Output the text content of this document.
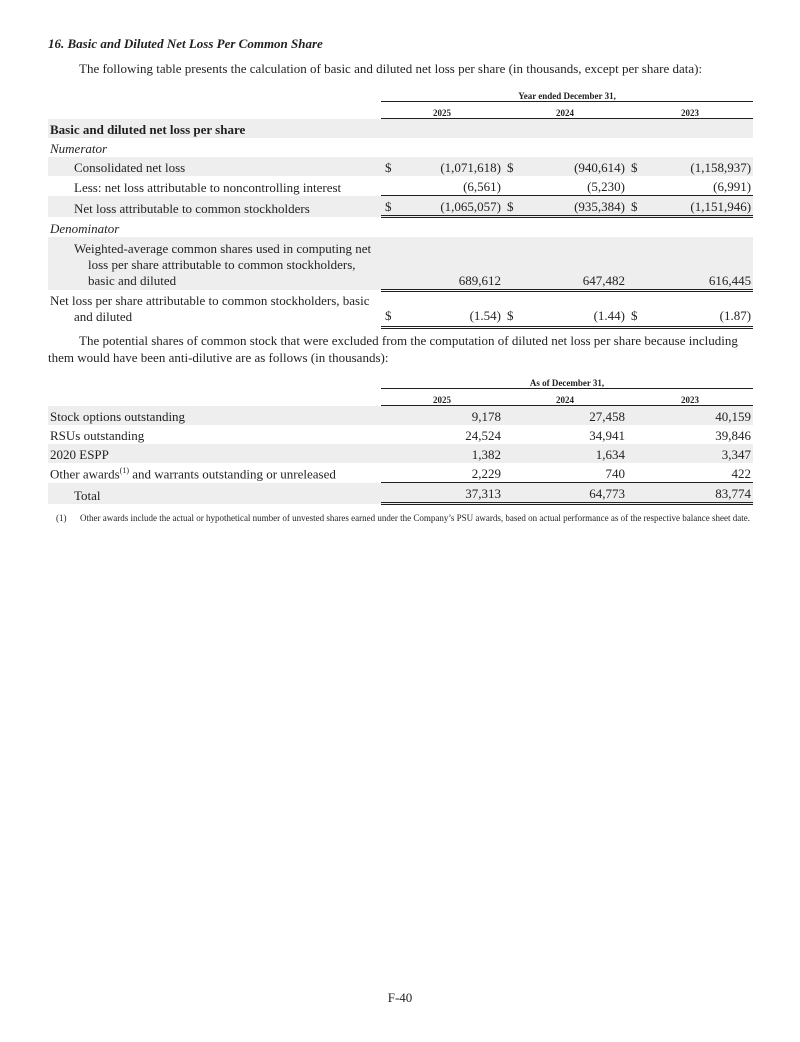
16. Basic and Diluted Net Loss Per Common Share
The following table presents the calculation of basic and diluted net loss per share (in thousands, except per share data):
	Year ended December 31,					
	2025		2024		2023	
Basic and diluted net loss per share						
Numerator						
Consolidated net loss	$	(1,071,618)	$	(940,614)	$	(1,158,937)
Less: net loss attributable to noncontrolling interest		(6,561)		(5,230)		(6,991)
Net loss attributable to common stockholders	$	(1,065,057)	$	(935,384)	$	(1,151,946)
Denominator						
Weighted-average common shares used in computing net loss per share attributable to common stockholders, basic and diluted		689,612		647,482		616,445
Net loss per share attributable to common stockholders, basic and diluted	$	(1.54)	$	(1.44)	$	(1.87)
The potential shares of common stock that were excluded from the computation of diluted net loss per share because including them would have been anti-dilutive are as follows (in thousands):
	As of December 31,		
	2025	2024	2023
Stock options outstanding	9,178	27,458	40,159
RSUs outstanding	24,524	34,941	39,846
2020 ESPP	1,382	1,634	3,347
Other awards$^{(1)}$ and warrants outstanding or unreleased	2,229	740	422
Total	37,313	64,773	83,774
(1) Other awards include the actual or hypothetical number of unvested shares earned under the Company’s PSU awards, based on actual performance as of the respective balance sheet date.
F-40
